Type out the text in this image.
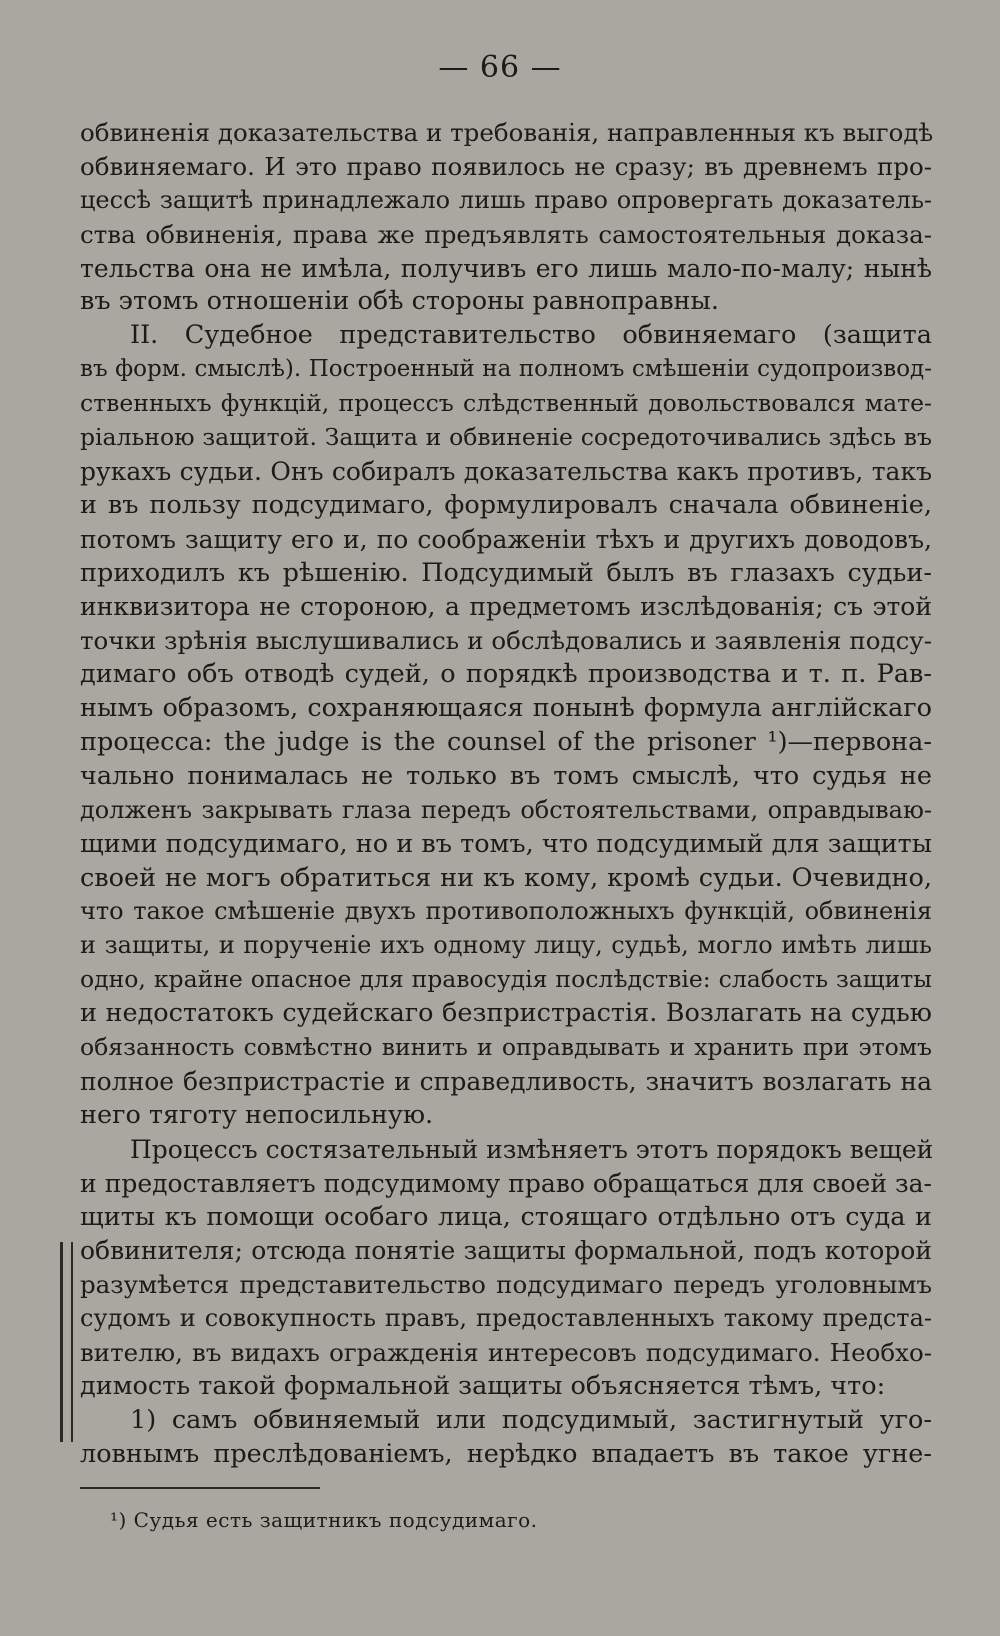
— 66 —
обвиненія доказательства и требованія, направленныя къ выгодѣ
обвиняемаго. И это право появилось не сразу; въ древнемъ про-
цессѣ защитѣ принадлежало лишь право опровергать доказатель-
ства обвиненія, права же предъявлять самостоятельныя доказа-
тельства она не имѣла, получивъ его лишь мало-по-малу; нынѣ
въ этомъ отношеніи обѣ стороны равноправны.
II. Судебное представительство обвиняемаго (защита
въ форм. смыслѣ). Построенный на полномъ смѣшеніи судопроизвод-
ственныхъ функцій, процессъ слѣдственный довольствовался мате-
ріальною защитой. Защита и обвиненіе сосредоточивались здѣсь въ
рукахъ судьи. Онъ собиралъ доказательства какъ противъ, такъ
и въ пользу подсудимаго, формулировалъ сначала обвиненіе,
потомъ защиту его и, по соображеніи тѣхъ и другихъ доводовъ,
приходилъ къ рѣшенію. Подсудимый былъ въ глазахъ судьи-
инквизитора не стороною, а предметомъ изслѣдованія; съ этой
точки зрѣнія выслушивались и обслѣдовались и заявленія подсу-
димаго объ отводѣ судей, о порядкѣ производства и т. п. Рав-
нымъ образомъ, сохраняющаяся понынѣ формула англійскаго
процесса: the judge is the counsel of the prisoner ¹)—первона-
чально понималась не только въ томъ смыслѣ, что судья не
долженъ закрывать глаза передъ обстоятельствами, оправдываю-
щими подсудимаго, но и въ томъ, что подсудимый для защиты
своей не могъ обратиться ни къ кому, кромѣ судьи. Очевидно,
что такое смѣшеніе двухъ противоположныхъ функцій, обвиненія
и защиты, и порученіе ихъ одному лицу, судьѣ, могло имѣть лишь
одно, крайне опасное для правосудія послѣдствіе: слабость защиты
и недостатокъ судейскаго безпристрастія. Возлагать на судью
обязанность совмѣстно винить и оправдывать и хранить при этомъ
полное безпристрастіе и справедливость, значитъ возлагать на
него тяготу непосильную.
Процессъ состязательный измѣняетъ этотъ порядокъ вещей
и предоставляетъ подсудимому право обращаться для своей за-
щиты къ помощи особаго лица, стоящаго отдѣльно отъ суда и
обвинителя; отсюда понятіе защиты формальной, подъ которой
разумѣется представительство подсудимаго передъ уголовнымъ
судомъ и совокупность правъ, предоставленныхъ такому предста-
вителю, въ видахъ огражденія интересовъ подсудимаго. Необхо-
димость такой формальной защиты объясняется тѣмъ, что:
1) самъ обвиняемый или подсудимый, застигнутый уго-
ловнымъ преслѣдованіемъ, нерѣдко впадаетъ въ такое угне-
¹) Судья есть защитникъ подсудимаго.
